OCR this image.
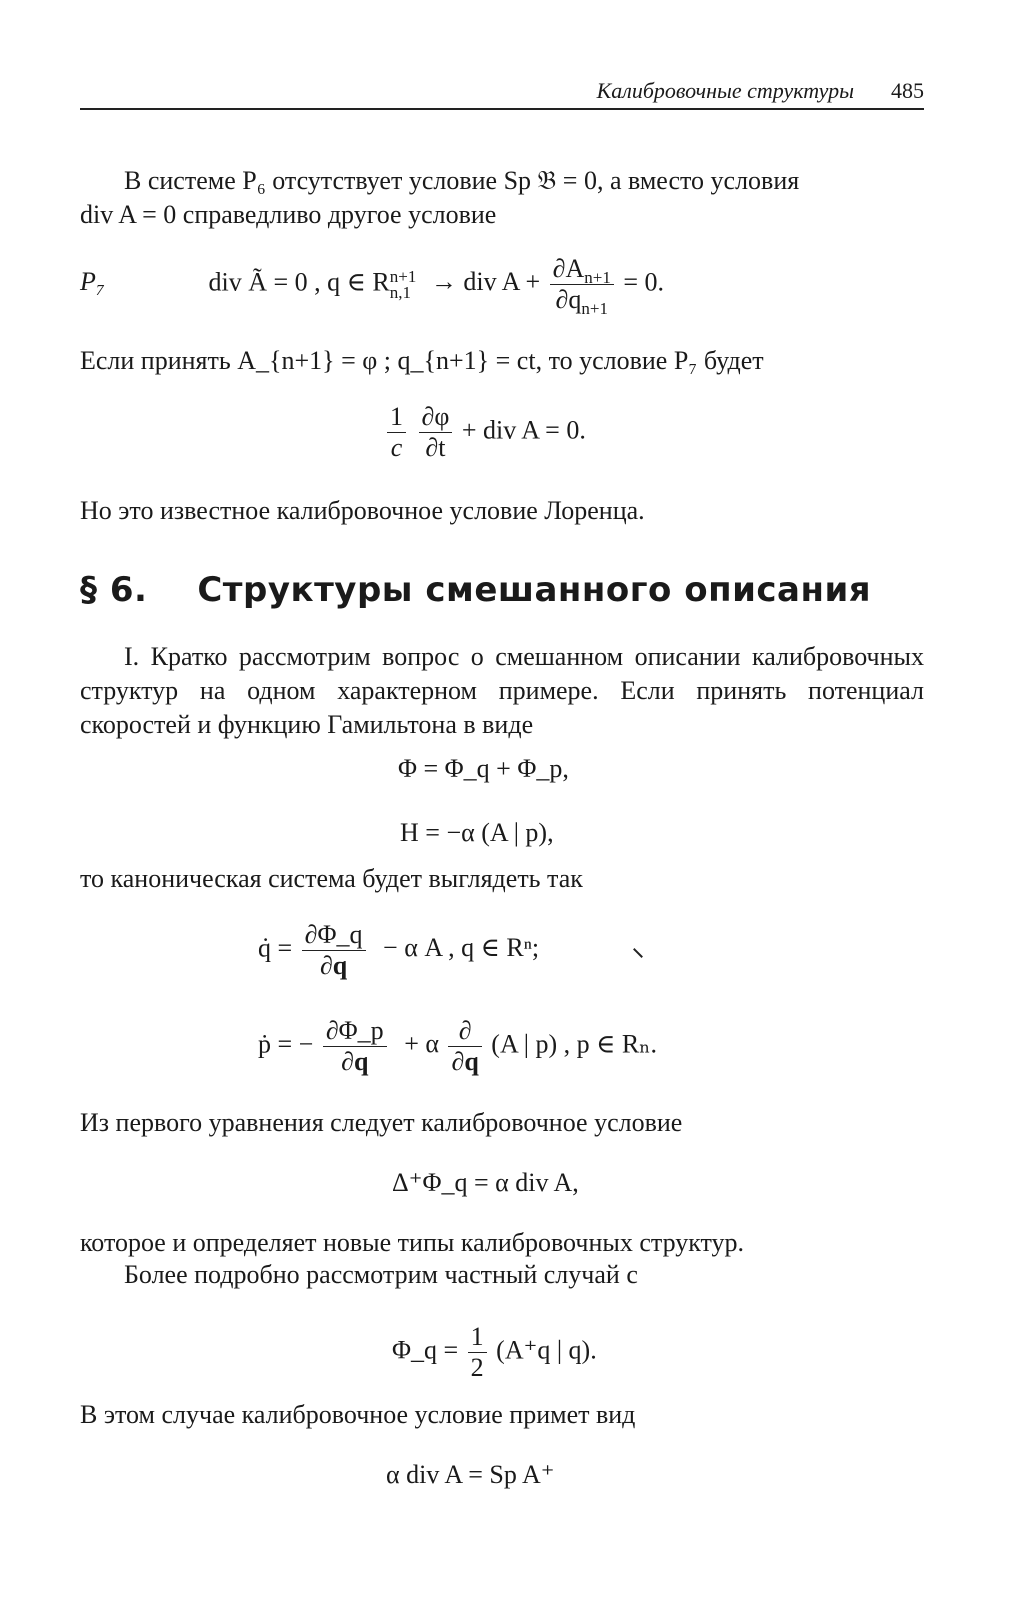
Калибровочные структуры 485

В системе P₆ отсутствует условие Sp 𝔅 = 0, а вместо условия
div A = 0 справедливо другое условие

P₇	div Ã = 0 , q ∈ R n+1
n,1 → div $A + \frac{\partial A_{n+1}}{\partial q_{n+1}} = 0$.

Если принять A_{n+1} = φ ; q_{n+1} = ct, то условие P₇ будет

$\frac{1}{c}$
$\frac{\partial\varphi}{\partial t}$ + div A = 0.

Но это известное калибровочное условие Лоренца.

§ 6. Структуры смешанного описания

I. Кратко рассмотрим вопрос о смешанном описании калибровочных структур на одном характерном примере. Если принять потенциал скоростей и функцию Гамильтона в виде

Φ = Φ_q + Φ_p,
H = −α (A | p),

то каноническая система будет выглядеть так

q̇ = $\frac{\partial\Phi\_q}{\partial q} - \alpha$ A , q ∈ Rⁿ;
ṗ = − $\frac{\partial\Phi\_p}{\partial q} + \alpha \frac{\partial}{\partial q} (A$ | p) , p ∈ Rₙ.

Из первого уравнения следует калибровочное условие

Δ⁺Φ_q = α div A,

которое и определяет новые типы калибровочных структур.

Более подробно рассмотрим частный случай с

Φ_q = $\frac{1}{2} (A^+q$ | q).

В этом случае калибровочное условие примет вид

α div A = Sp A⁺
